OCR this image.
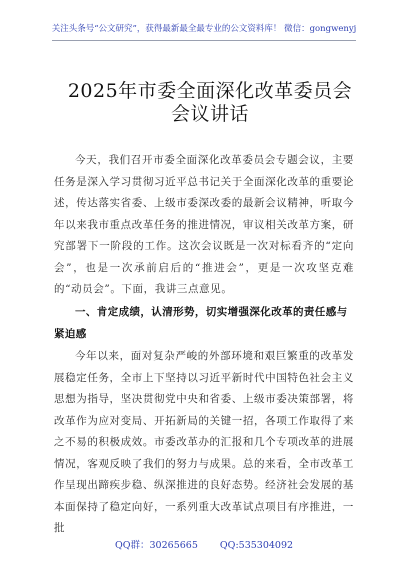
关注头条号“公文研究”，获得最新最全最专业的公文资料库！ 微信：gongwenyj
2025年市委全面深化改革委员会会议讲话
今天，我们召开市委全面深化改革委员会专题会议，主要任务是深入学习贯彻习近平总书记关于全面深化改革的重要论述，传达落实省委、上级市委深改委的最新会议精神，听取今年以来我市重点改革任务的推进情况，审议相关改革方案，研究部署下一阶段的工作。这次会议既是一次对标看齐的“定向会”，也是一次承前启后的“推进会”，更是一次攻坚克难的“动员会”。下面，我讲三点意见。
一、肯定成绩，认清形势，切实增强深化改革的责任感与紧迫感
今年以来，面对复杂严峻的外部环境和艰巨繁重的改革发展稳定任务，全市上下坚持以习近平新时代中国特色社会主义思想为指导，坚决贯彻党中央和省委、上级市委决策部署，将改革作为应对变局、开拓新局的关键一招，各项工作取得了来之不易的积极成效。市委改革办的汇报和几个专项改革的进展情况，客观反映了我们的努力与成果。总的来看，全市改革工作呈现出蹄疾步稳、纵深推进的良好态势。经济社会发展的基本面保持了稳定向好，一系列重大改革试点项目有序推进，一批
QQ群：30265665 QQ:535304092
